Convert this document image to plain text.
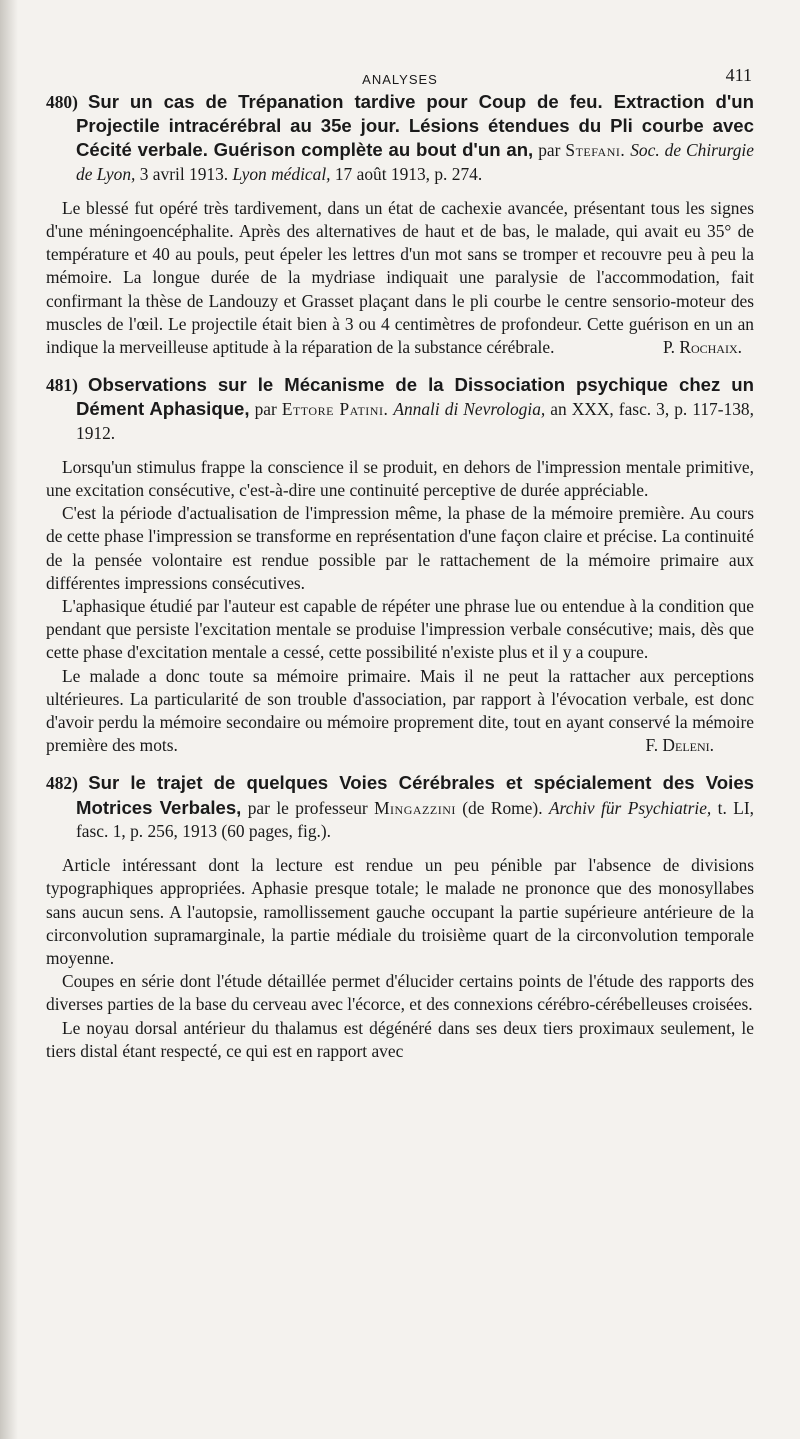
ANALYSES	411
480) Sur un cas de Trépanation tardive pour Coup de feu. Extraction d'un Projectile intracérébral au 35e jour. Lésions étendues du Pli courbe avec Cécité verbale. Guérison complète au bout d'un an, par Stefani. Soc. de Chirurgie de Lyon, 3 avril 1913. Lyon médical, 17 août 1913, p. 274.

Le blessé fut opéré très tardivement, dans un état de cachexie avancée, présentant tous les signes d'une méningoencéphalite. Après des alternatives de haut et de bas, le malade, qui avait eu 35° de température et 40 au pouls, peut épeler les lettres d'un mot sans se tromper et recouvre peu à peu la mémoire. La longue durée de la mydriase indiquait une paralysie de l'accommodation, fait confirmant la thèse de Landouzy et Grasset plaçant dans le pli courbe le centre sensorio-moteur des muscles de l'œil. Le projectile était bien à 3 ou 4 centimètres de profondeur. Cette guérison en un an indique la merveilleuse aptitude à la réparation de la substance cérébrale.	P. Rochaix.

481) Observations sur le Mécanisme de la Dissociation psychique chez un Dément Aphasique, par Ettore Patini. Annali di Nevrologia, an XXX, fasc. 3, p. 117-138, 1912.

Lorsqu'un stimulus frappe la conscience il se produit, en dehors de l'impression mentale primitive, une excitation consécutive, c'est-à-dire une continuité perceptive de durée appréciable.

C'est la période d'actualisation de l'impression même, la phase de la mémoire première. Au cours de cette phase l'impression se transforme en représentation d'une façon claire et précise. La continuité de la pensée volontaire est rendue possible par le rattachement de la mémoire primaire aux différentes impressions consécutives.

L'aphasique étudié par l'auteur est capable de répéter une phrase lue ou entendue à la condition que pendant que persiste l'excitation mentale se produise l'impression verbale consécutive; mais, dès que cette phase d'excitation mentale a cessé, cette possibilité n'existe plus et il y a coupure.

Le malade a donc toute sa mémoire primaire. Mais il ne peut la rattacher aux perceptions ultérieures. La particularité de son trouble d'association, par rapport à l'évocation verbale, est donc d'avoir perdu la mémoire secondaire ou mémoire proprement dite, tout en ayant conservé la mémoire première des mots.	F. Deleni.

482) Sur le trajet de quelques Voies Cérébrales et spécialement des Voies Motrices Verbales, par le professeur Mingazzini (de Rome). Archiv für Psychiatrie, t. LI, fasc. 1, p. 256, 1913 (60 pages, fig.).

Article intéressant dont la lecture est rendue un peu pénible par l'absence de divisions typographiques appropriées. Aphasie presque totale; le malade ne prononce que des monosyllabes sans aucun sens. A l'autopsie, ramollissement gauche occupant la partie supérieure antérieure de la circonvolution supramarginale, la partie médiale du troisième quart de la circonvolution temporale moyenne.

Coupes en série dont l'étude détaillée permet d'élucider certains points de l'étude des rapports des diverses parties de la base du cerveau avec l'écorce, et des connexions cérébro-cérébelleuses croisées.

Le noyau dorsal antérieur du thalamus est dégénéré dans ses deux tiers proximaux seulement, le tiers distal étant respecté, ce qui est en rapport avec
